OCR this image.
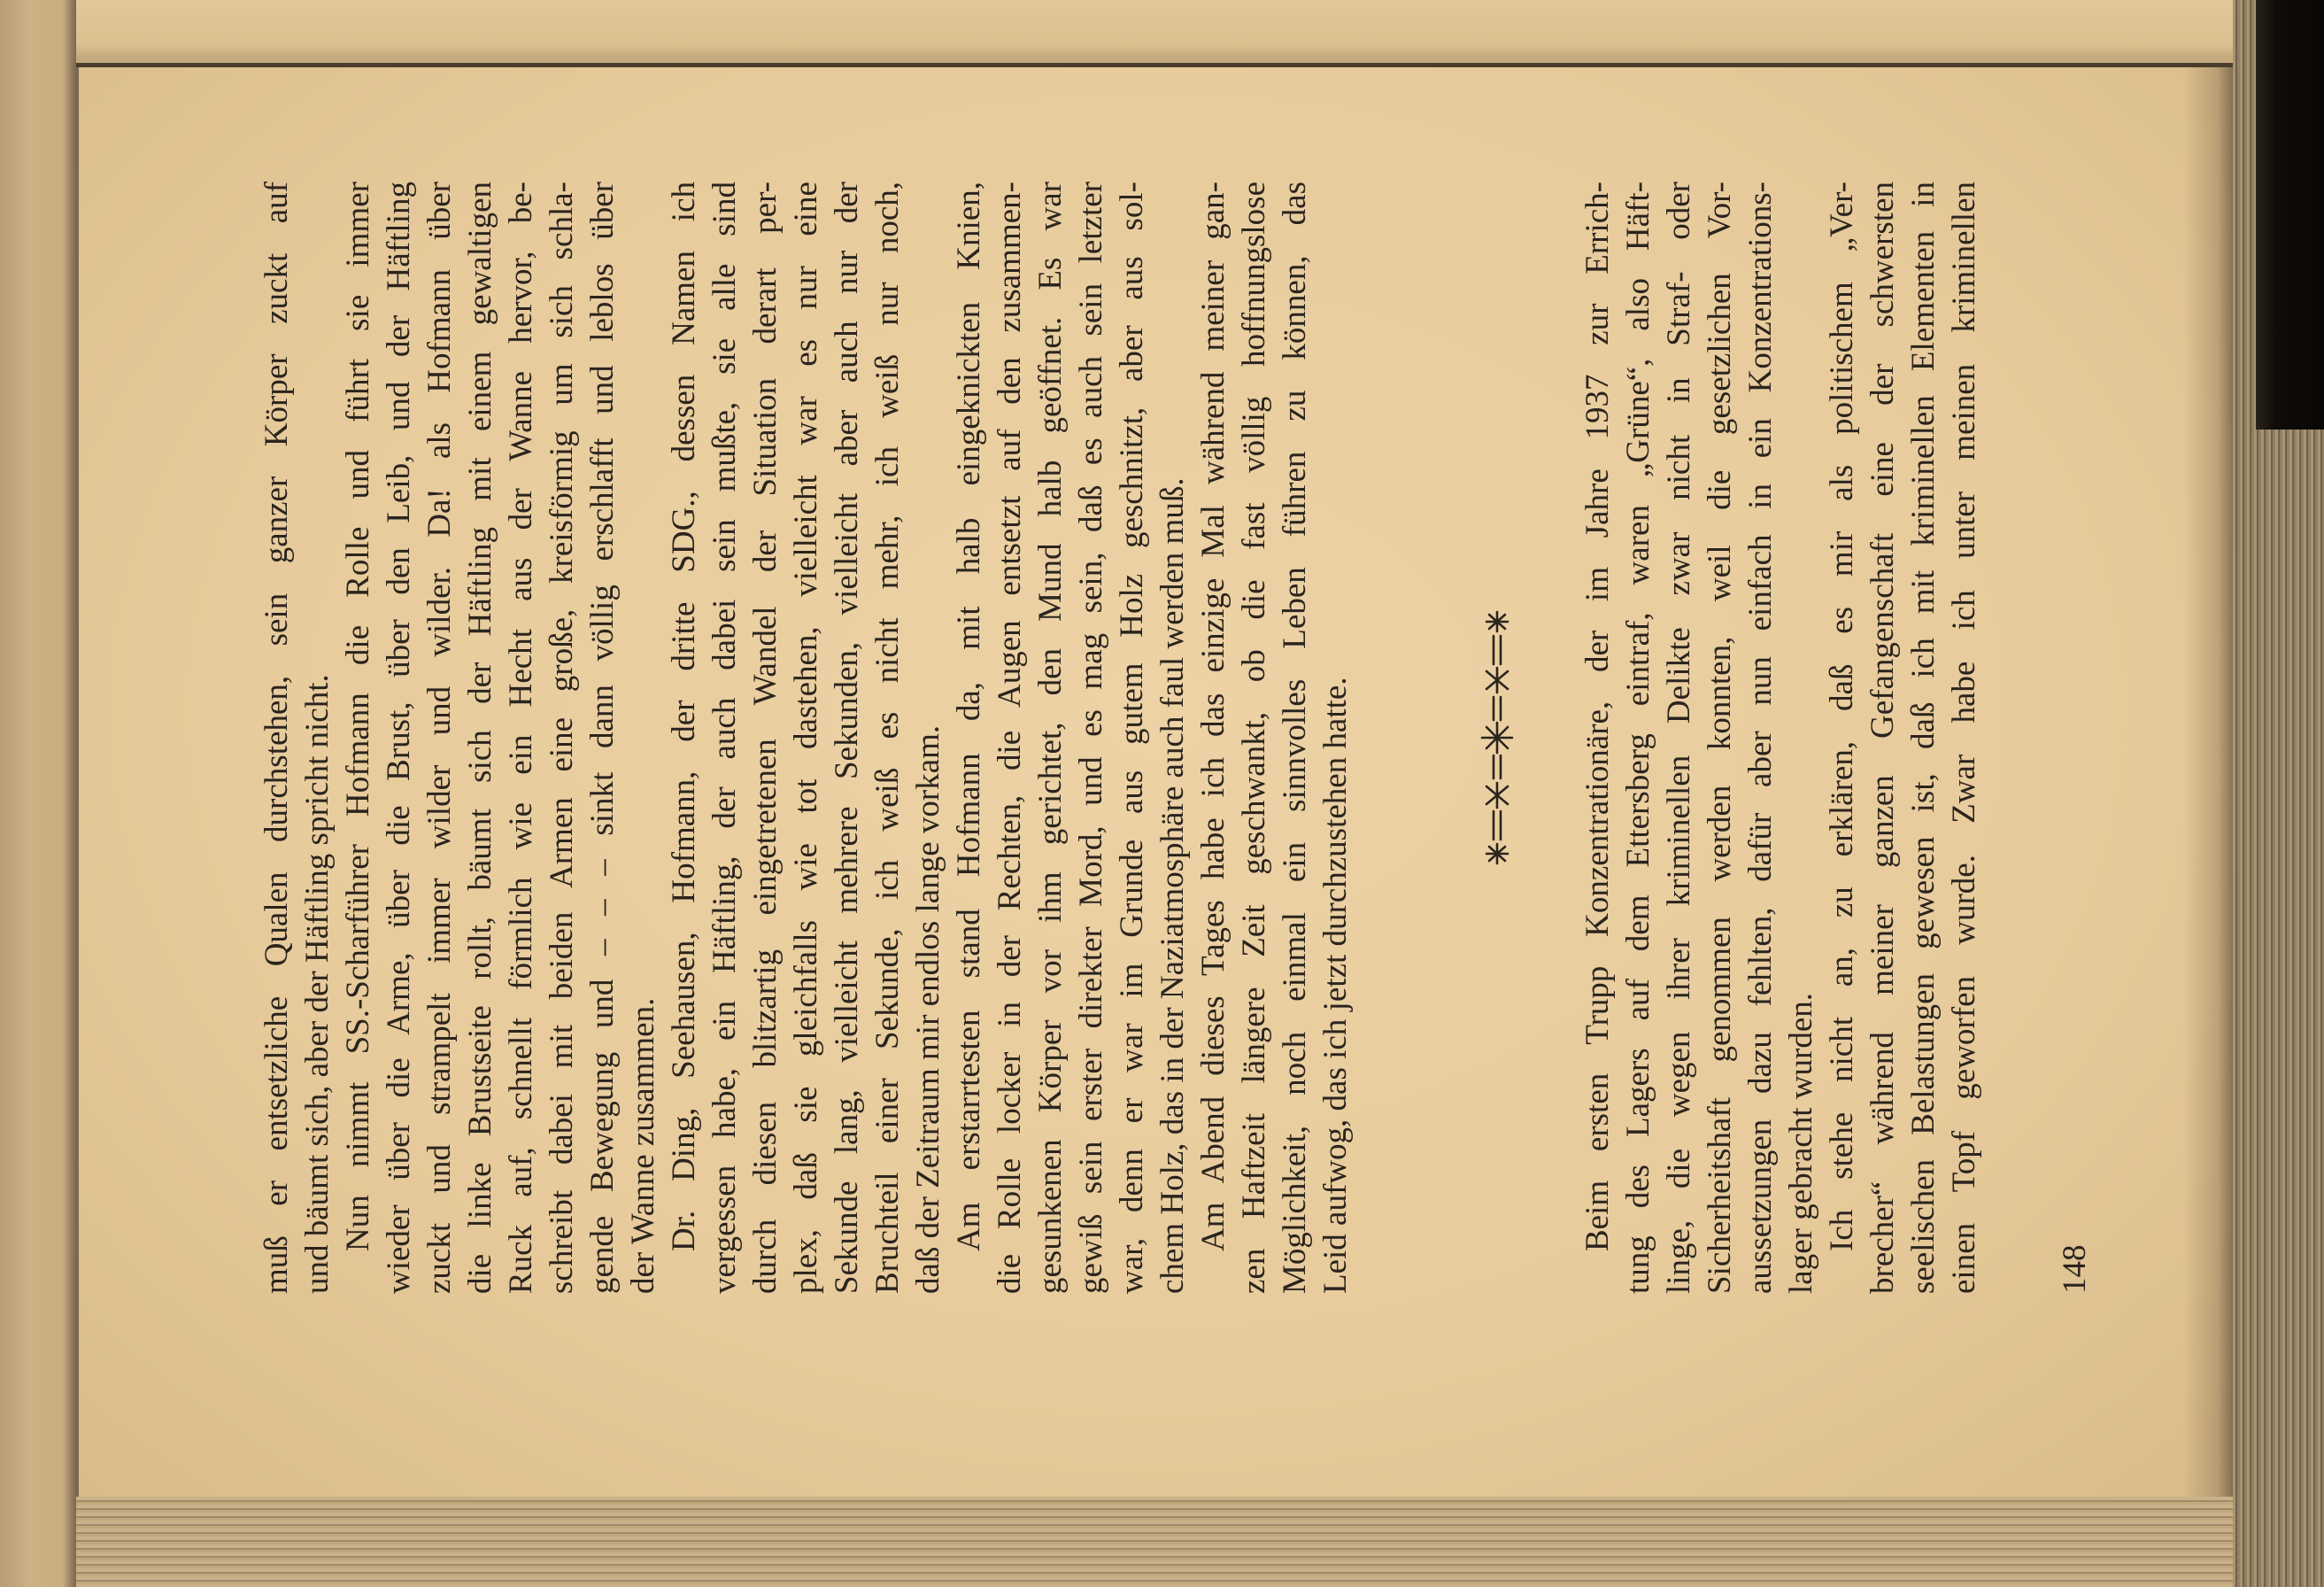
muß er entsetzliche Qualen durchstehen, sein ganzer Körper zuckt auf und bäumt sich, aber der Häftling spricht nicht. Nun nimmt SS.-Scharführer Hofmann die Rolle und führt sie immer wieder über die Arme, über die Brust, über den Leib, und der Häftling zuckt und strampelt immer wilder und wilder. Da! als Hofmann über die linke Brustseite rollt, bäumt sich der Häftling mit einem gewaltigen Ruck auf, schnellt förmlich wie ein Hecht aus der Wanne hervor, be- schreibt dabei mit beiden Armen eine große, kreisförmig um sich schla- gende Bewegung und – – – sinkt dann völlig erschlafft und leblos über der Wanne zusammen. Dr. Ding, Seehausen, Hofmann, der dritte SDG., dessen Namen ich vergessen habe, ein Häftling, der auch dabei sein mußte, sie alle sind durch diesen blitzartig eingetretenen Wandel der Situation derart per- plex, daß sie gleichfalls wie tot dastehen, vielleicht war es nur eine Sekunde lang, vielleicht mehrere Sekunden, vielleicht aber auch nur der Bruchteil einer Sekunde, ich weiß es nicht mehr, ich weiß nur noch, daß der Zeitraum mir endlos lange vorkam. Am erstarrtesten stand Hofmann da, mit halb eingeknickten Knien, die Rolle locker in der Rechten, die Augen entsetzt auf den zusammen- gesunkenen Körper vor ihm gerichtet, den Mund halb geöffnet. Es war gewiß sein erster direkter Mord, und es mag sein, daß es auch sein letzter war, denn er war im Grunde aus gutem Holz geschnitzt, aber aus sol- chem Holz, das in der Naziatmosphäre auch faul werden muß. Am Abend dieses Tages habe ich das einzige Mal während meiner gan- zen Haftzeit längere Zeit geschwankt, ob die fast völlig hoffnungslose Möglichkeit, noch einmal ein sinnvolles Leben führen zu können, das Leid aufwog, das ich jetzt durchzustehen hatte.	Beim ersten Trupp Konzentrationäre, der im Jahre 1937 zur Errich- tung des Lagers auf dem Ettersberg eintraf, waren „Grüne“, also Häft- linge, die wegen ihrer kriminellen Delikte zwar nicht in Straf- oder Sicherheitshaft genommen werden konnten, weil die gesetzlichen Vor- aussetzungen dazu fehlten, dafür aber nun einfach in ein Konzentrations- lager gebracht wurden. Ich stehe nicht an, zu erklären, daß es mir als politischem „Ver- brecher“ während meiner ganzen Gefangenschaft eine der schwersten seelischen Belastungen gewesen ist, daß ich mit kriminellen Elementen in einen Topf geworfen wurde. Zwar habe ich unter meinen kriminellen 148
